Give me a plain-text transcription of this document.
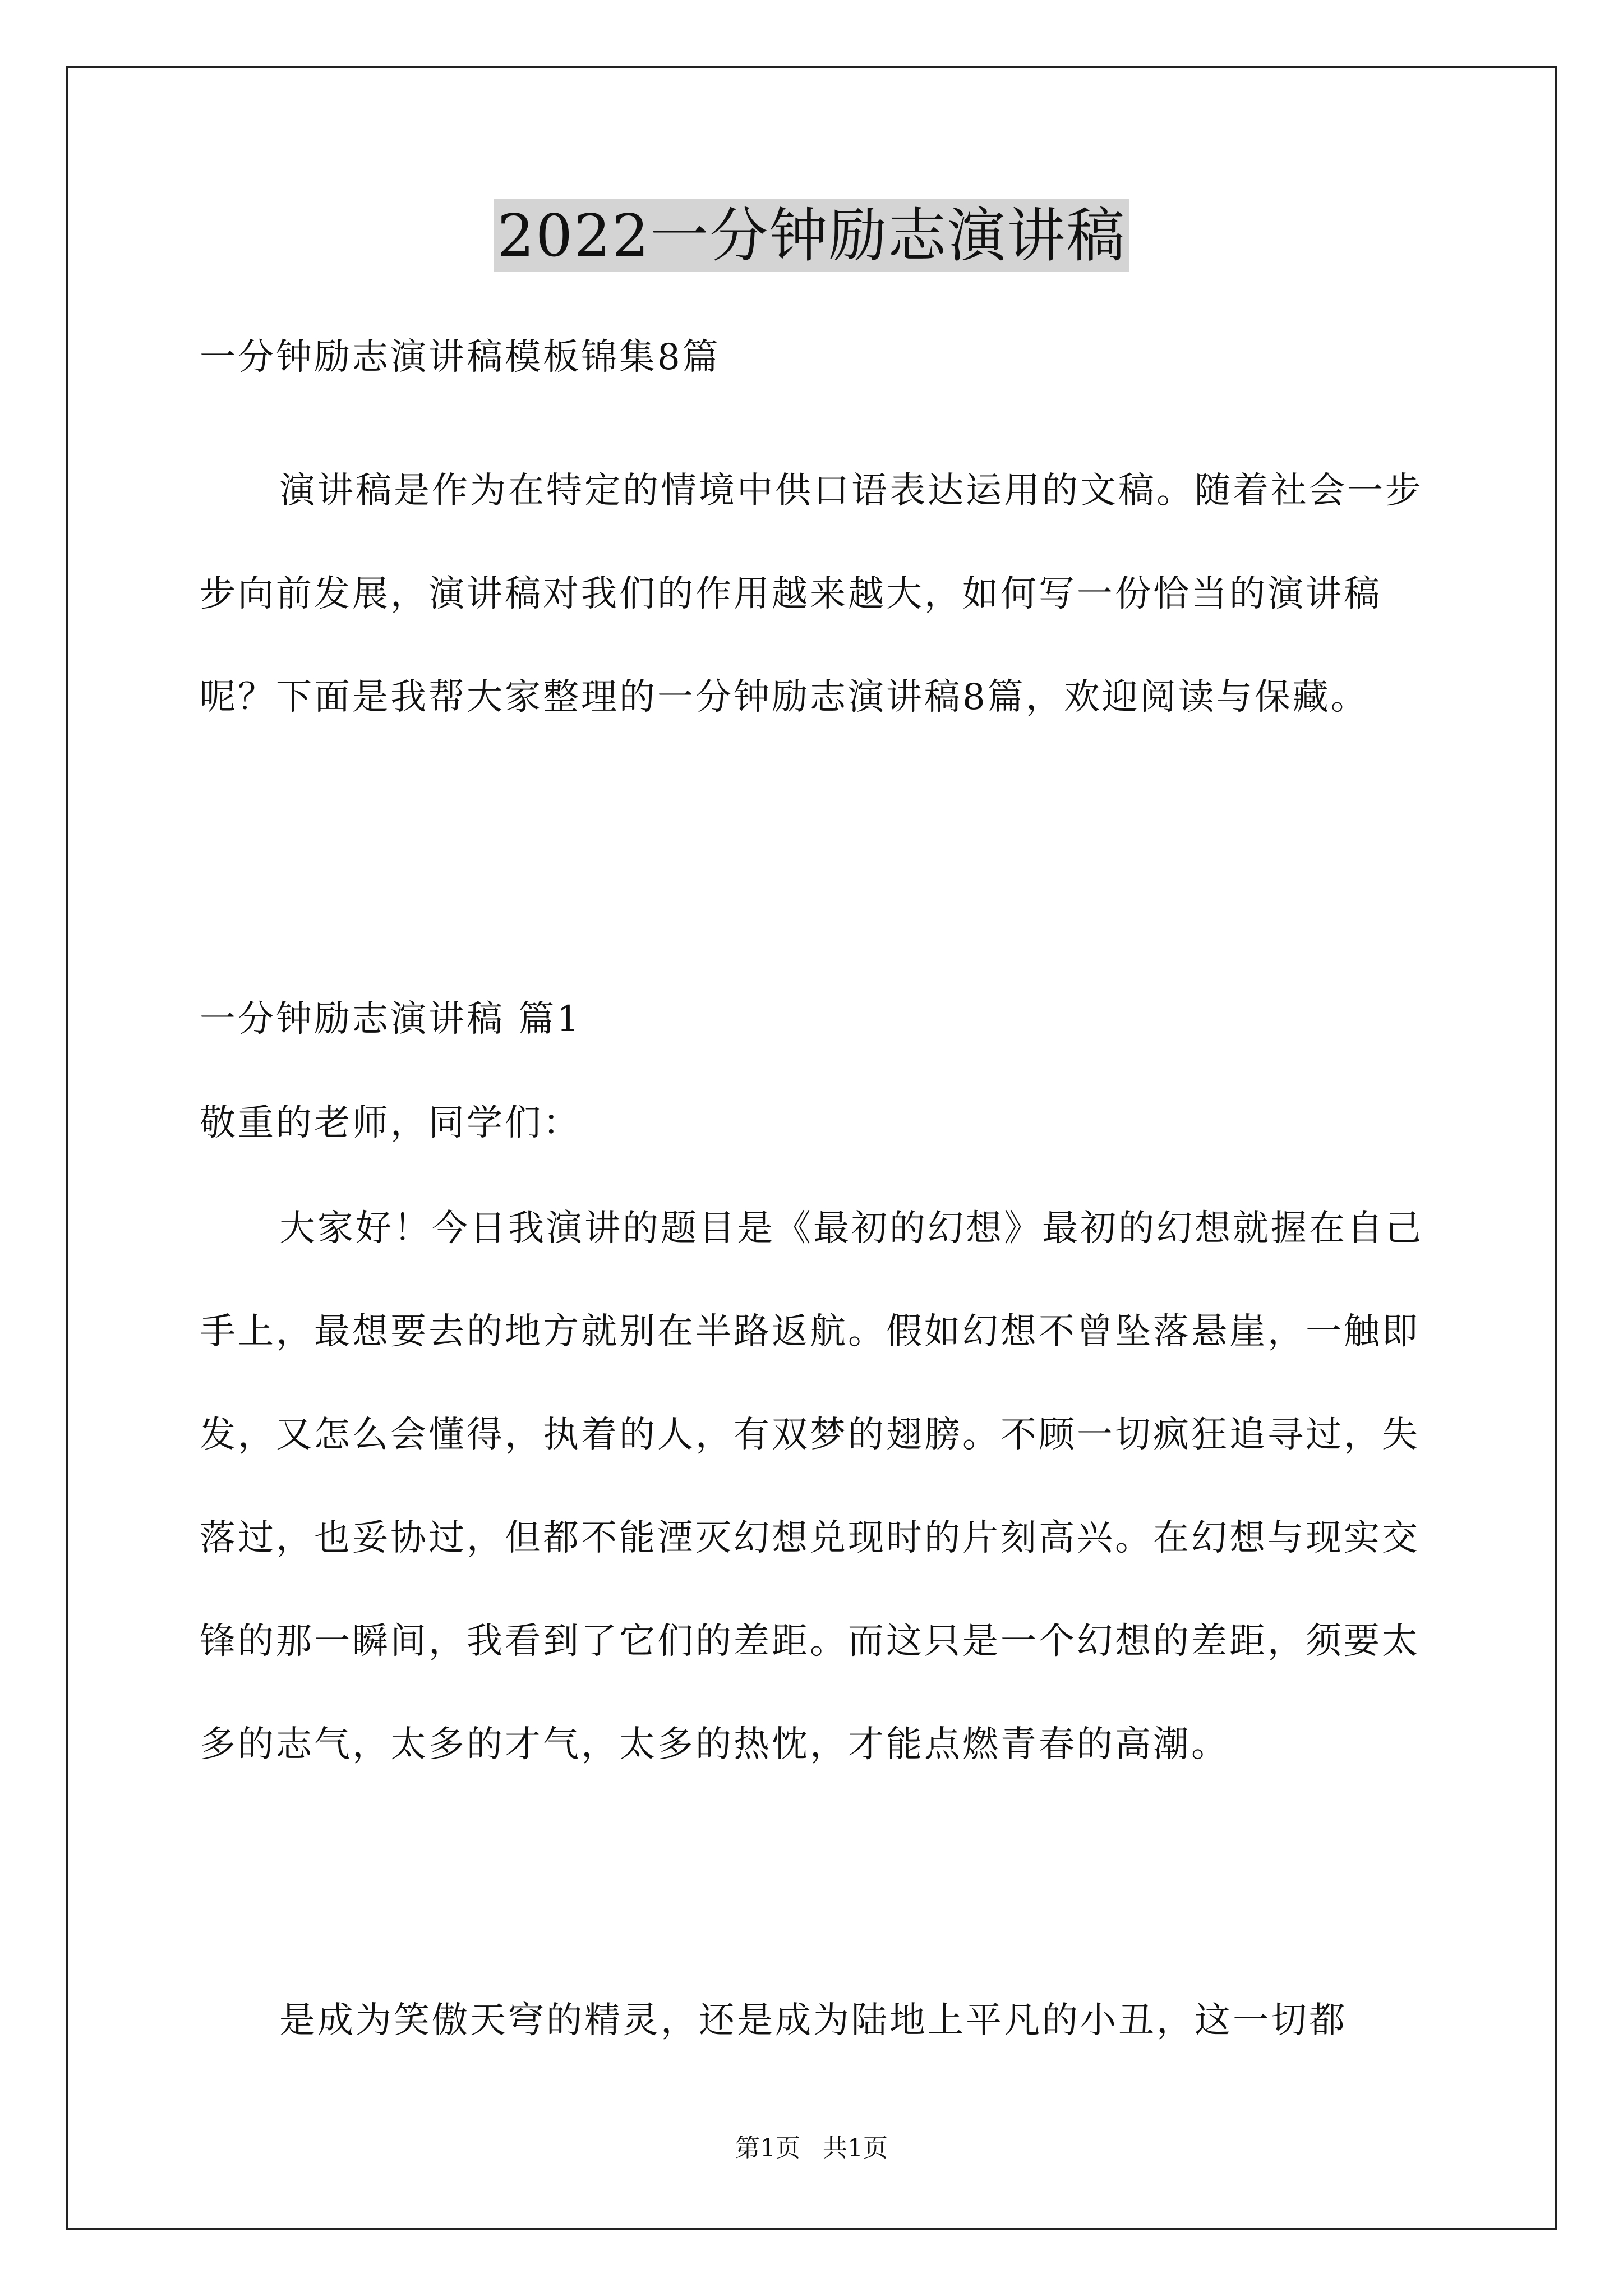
2022一分钟励志演讲稿

一分钟励志演讲稿模板锦集8篇

演讲稿是作为在特定的情境中供口语表达运用的文稿。随着社会一步步向前发展，演讲稿对我们的作用越来越大，如何写一份恰当的演讲稿呢？下面是我帮大家整理的一分钟励志演讲稿8篇，欢迎阅读与保藏。

一分钟励志演讲稿 篇1

敬重的老师，同学们：

大家好！今日我演讲的题目是《最初的幻想》最初的幻想就握在自己手上，最想要去的地方就别在半路返航。假如幻想不曾坠落悬崖，一触即发，又怎么会懂得，执着的人，有双梦的翅膀。不顾一切疯狂追寻过，失落过，也妥协过，但都不能湮灭幻想兑现时的片刻高兴。在幻想与现实交锋的那一瞬间，我看到了它们的差距。而这只是一个幻想的差距，须要太多的志气，太多的才气，太多的热忱，才能点燃青春的高潮。

是成为笑傲天穹的精灵，还是成为陆地上平凡的小丑，这一切都

第1页 共1页
